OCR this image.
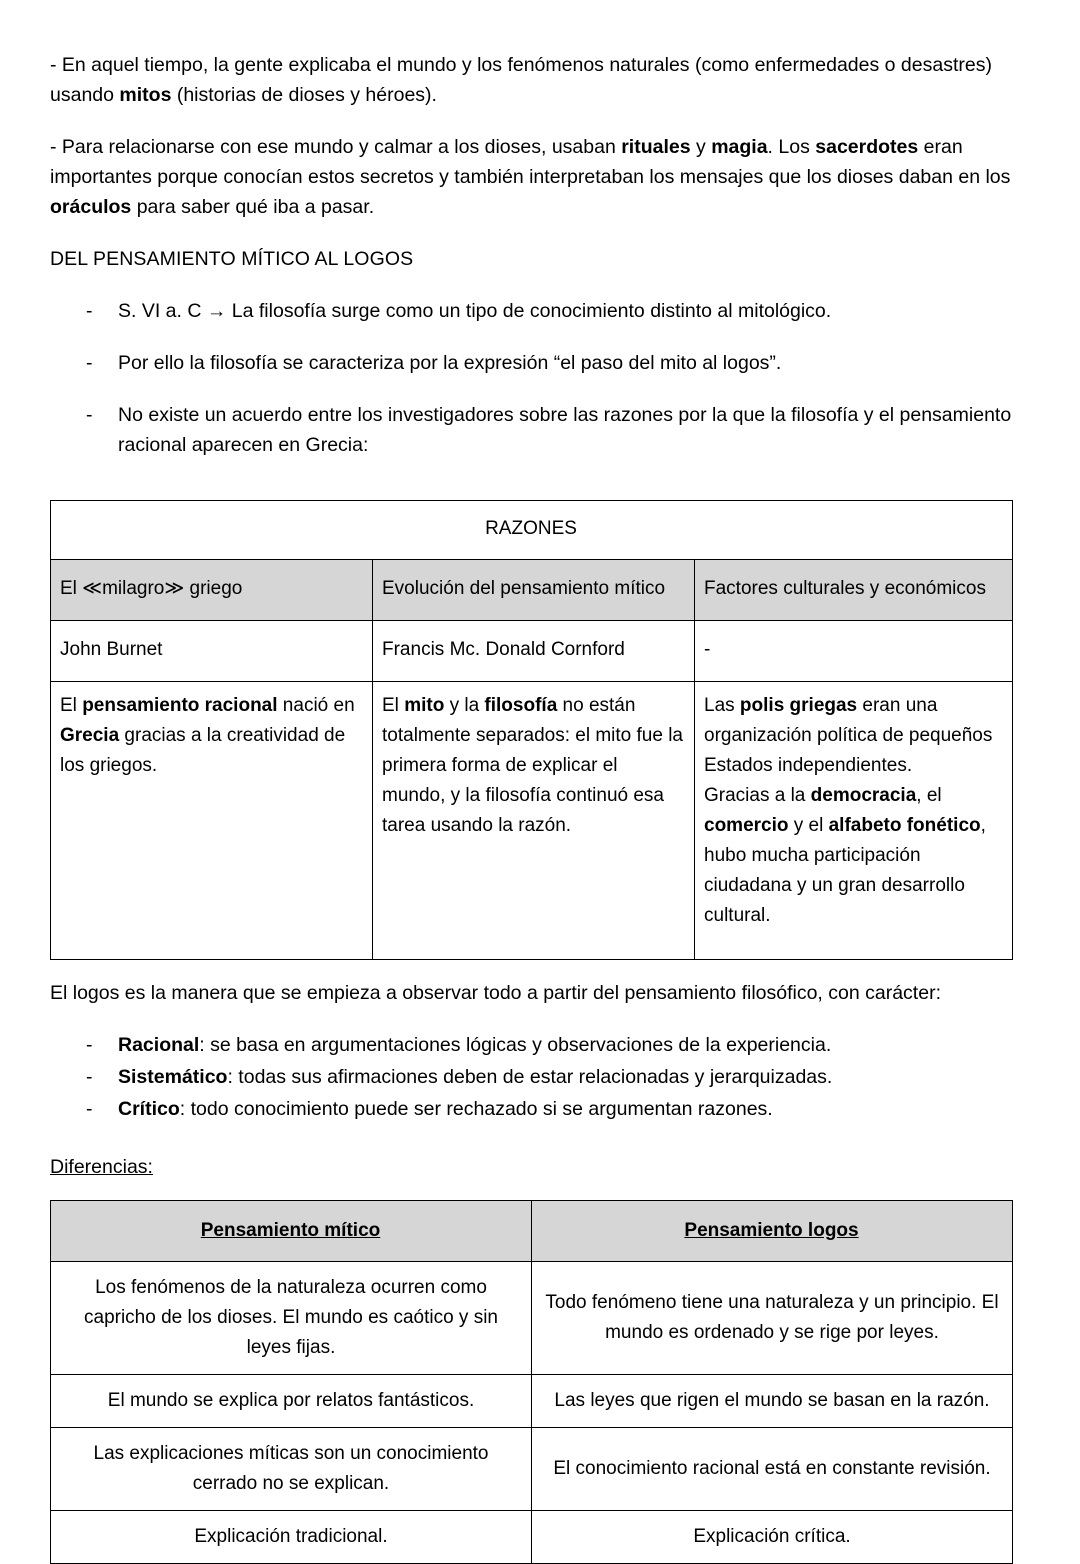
- En aquel tiempo, la gente explicaba el mundo y los fenómenos naturales (como enfermedades o desastres) usando mitos (historias de dioses y héroes).

- Para relacionarse con ese mundo y calmar a los dioses, usaban rituales y magia. Los sacerdotes eran importantes porque conocían estos secretos y también interpretaban los mensajes que los dioses daban en los oráculos para saber qué iba a pasar.

DEL PENSAMIENTO MÍTICO AL LOGOS
- S. VI a. C → La filosofía surge como un tipo de conocimiento distinto al mitológico.
- Por ello la filosofía se caracteriza por la expresión “el paso del mito al logos”.
- No existe un acuerdo entre los investigadores sobre las razones por la que la filosofía y el pensamiento racional aparecen en Grecia:
RAZONES		
El ≪milagro≫ griego	Evolución del pensamiento mítico	Factores culturales y económicos
John Burnet	Francis Mc. Donald Cornford	-
El pensamiento racional nació en Grecia gracias a la creatividad de los griegos.	El mito y la filosofía no están totalmente separados: el mito fue la primera forma de explicar el mundo, y la filosofía continuó esa tarea usando la razón.	Las polis griegas eran una organización política de pequeños Estados independientes.
Gracias a la democracia, el comercio y el alfabeto fonético, hubo mucha participación ciudadana y un gran desarrollo cultural.

El logos es la manera que se empieza a observar todo a partir del pensamiento filosófico, con carácter:

- Racional: se basa en argumentaciones lógicas y observaciones de la experiencia.
- Sistemático: todas sus afirmaciones deben de estar relacionadas y jerarquizadas.
- Crítico: todo conocimiento puede ser rechazado si se argumentan razones.
Diferencias:
Pensamiento mítico	Pensamiento logos
Los fenómenos de la naturaleza ocurren como capricho de los dioses. El mundo es caótico y sin leyes fijas.	Todo fenómeno tiene una naturaleza y un principio. El mundo es ordenado y se rige por leyes.
El mundo se explica por relatos fantásticos.	Las leyes que rigen el mundo se basan en la razón.
Las explicaciones míticas son un conocimiento cerrado no se explican.	El conocimiento racional está en constante revisión.
Explicación tradicional.	Explicación crítica.
